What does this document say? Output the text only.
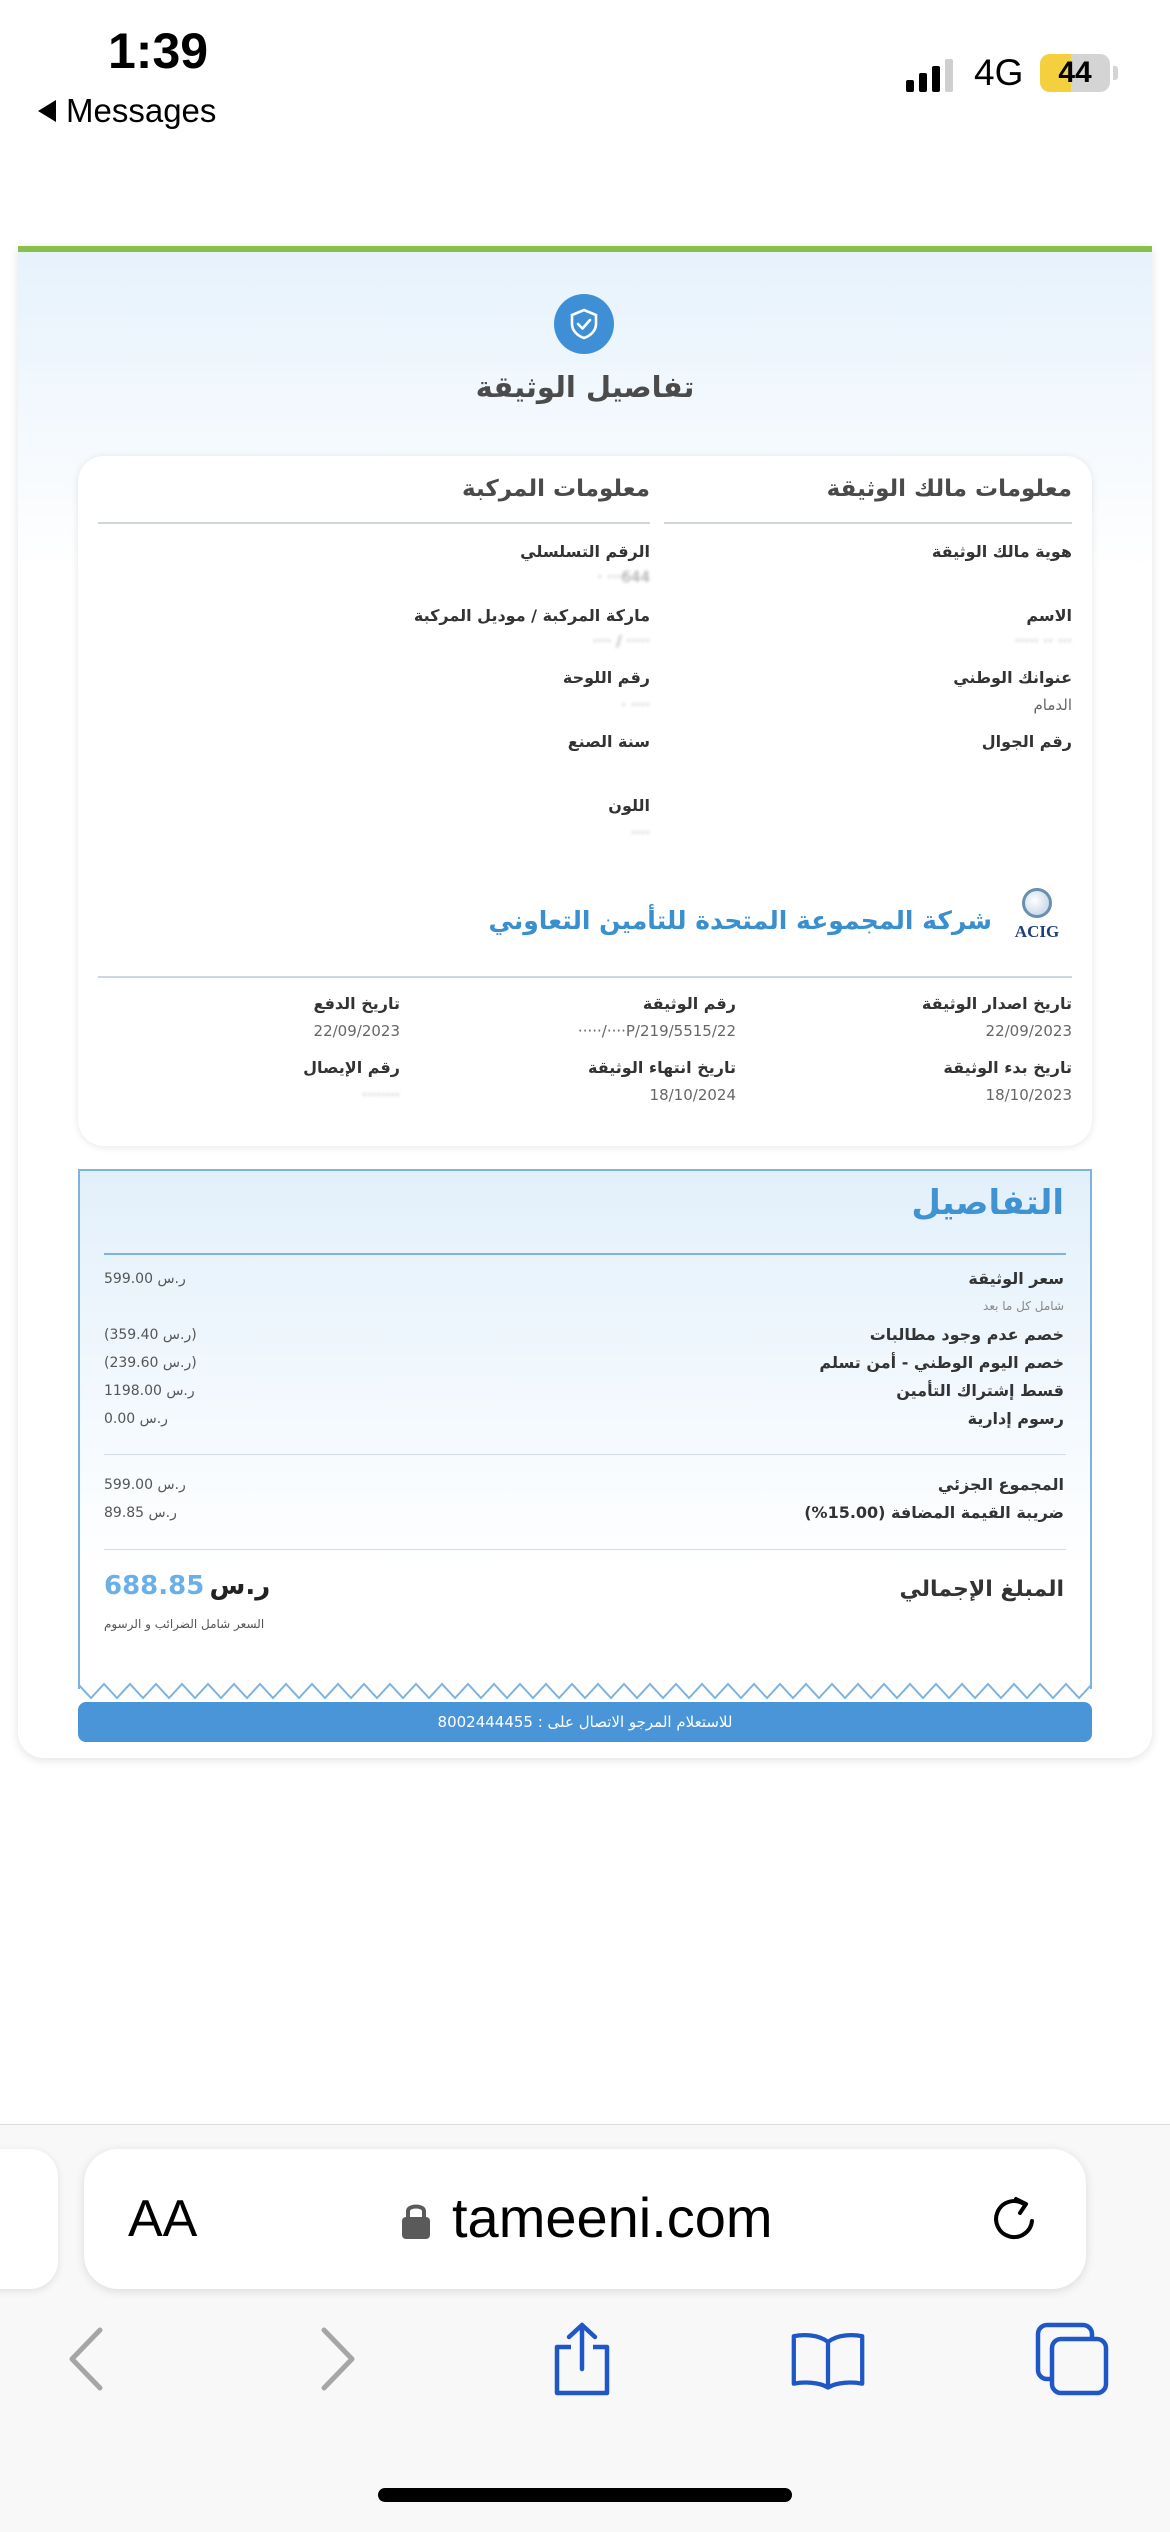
1:39
Messages
4G	44
تفاصيل الوثيقة
معلومات مالك الوثيقة
هوية مالك الوثيقة
الاسم
··· ·· ·····
عنوانك الوطني
الدمام
رقم الجوال
معلومات المركبة
الرقم التسلسلي
644··· ·
ماركة المركبة / موديل المركبة
····· / ····
رقم اللوحة
···· ·
سنة الصنع
اللون
····
ACIG
شركة المجموعة المتحدة للتأمين التعاوني
تاريخ اصدار الوثيقة
22/09/2023
رقم الوثيقة
P/219/5515/22····/·····
تاريخ الدفع
22/09/2023
تاريخ بدء الوثيقة
18/10/2023
تاريخ انتهاء الوثيقة
18/10/2024
رقم الإيصال
········
التفاصيل
سعر الوثيقة
599.00 ر.س
شامل كل ما بعد
خصم عدم وجود مطالبات
(359.40 ر.س)
خصم اليوم الوطني - أمن تسلم
(239.60 ر.س)
قسط إشتراك التأمين
1198.00 ر.س
رسوم إدارية
0.00 ر.س
المجموع الجزئي
599.00 ر.س
ضريبة القيمة المضافة (15.00%)
89.85 ر.س
المبلغ الإجمالي
ر.س 688.85
السعر شامل الضرائب و الرسوم
للاستعلام المرجو الاتصال على : 8002444455
AA	tameeni.com
